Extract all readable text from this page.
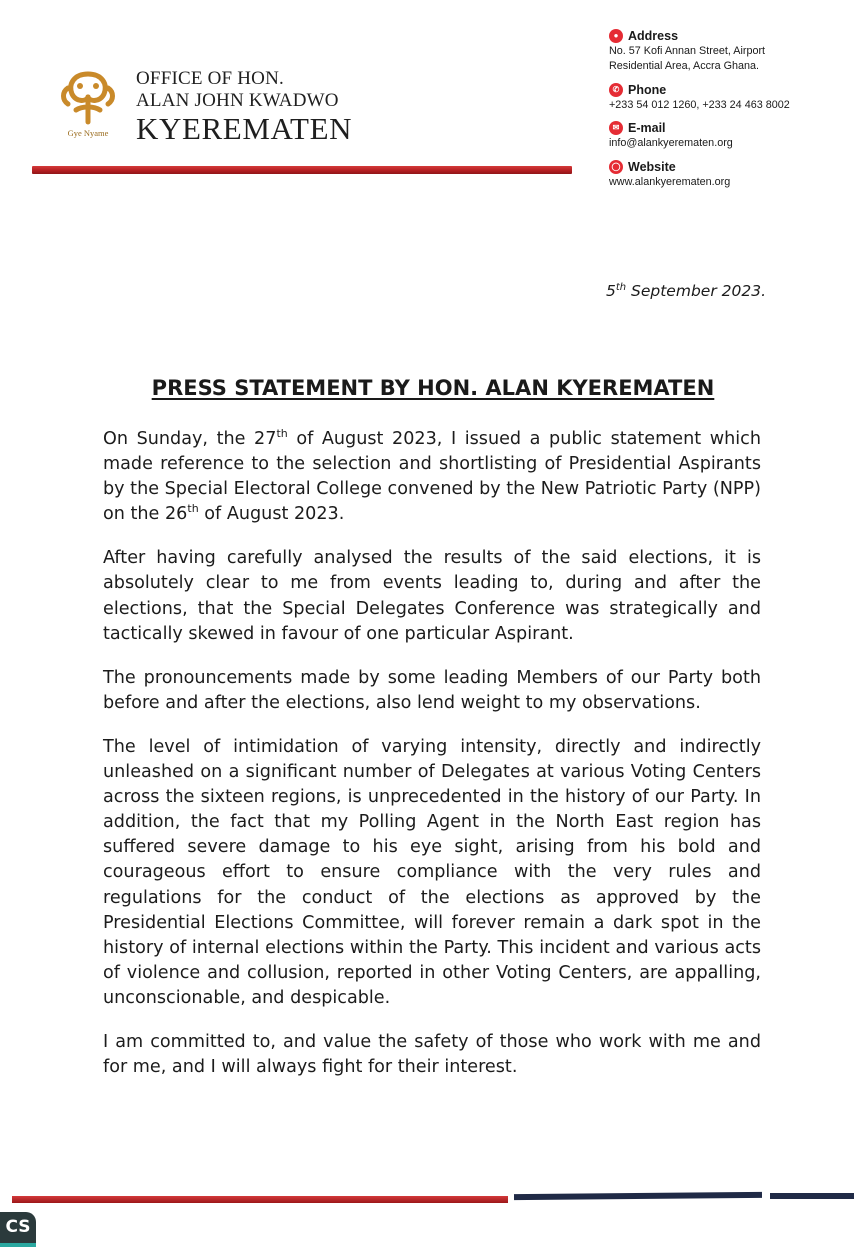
Gye Nyame
OFFICE OF HON.
ALAN JOHN KWADWO
KYEREMATEN
● Address
No. 57 Kofi Annan Street, Airport
Residential Area, Accra Ghana.
✆ Phone
+233 54 012 1260, +233 24 463 8002
✉ E-mail
info@alankyerematen.org
◯ Website
www.alankyerematen.org
5th September 2023.
PRESS STATEMENT BY HON. ALAN KYEREMATEN

On Sunday, the 27th of August 2023, I issued a public statement which made reference to the selection and shortlisting of Presidential Aspirants by the Special Electoral College convened by the New Patriotic Party (NPP) on the 26th of August 2023.

After having carefully analysed the results of the said elections, it is absolutely clear to me from events leading to, during and after the elections, that the Special Delegates Conference was strategically and tactically skewed in favour of one particular Aspirant.

The pronouncements made by some leading Members of our Party both before and after the elections, also lend weight to my observations.

The level of intimidation of varying intensity, directly and indirectly unleashed on a significant number of Delegates at various Voting Centers across the sixteen regions, is unprecedented in the history of our Party. In addition, the fact that my Polling Agent in the North East region has suffered severe damage to his eye sight, arising from his bold and courageous effort to ensure compliance with the very rules and regulations for the conduct of the elections as approved by the Presidential Elections Committee, will forever remain a dark spot in the history of internal elections within the Party. This incident and various acts of violence and collusion, reported in other Voting Centers, are appalling, unconscionable, and despicable.

I am committed to, and value the safety of those who work with me and for me, and I will always fight for their interest.

CS
